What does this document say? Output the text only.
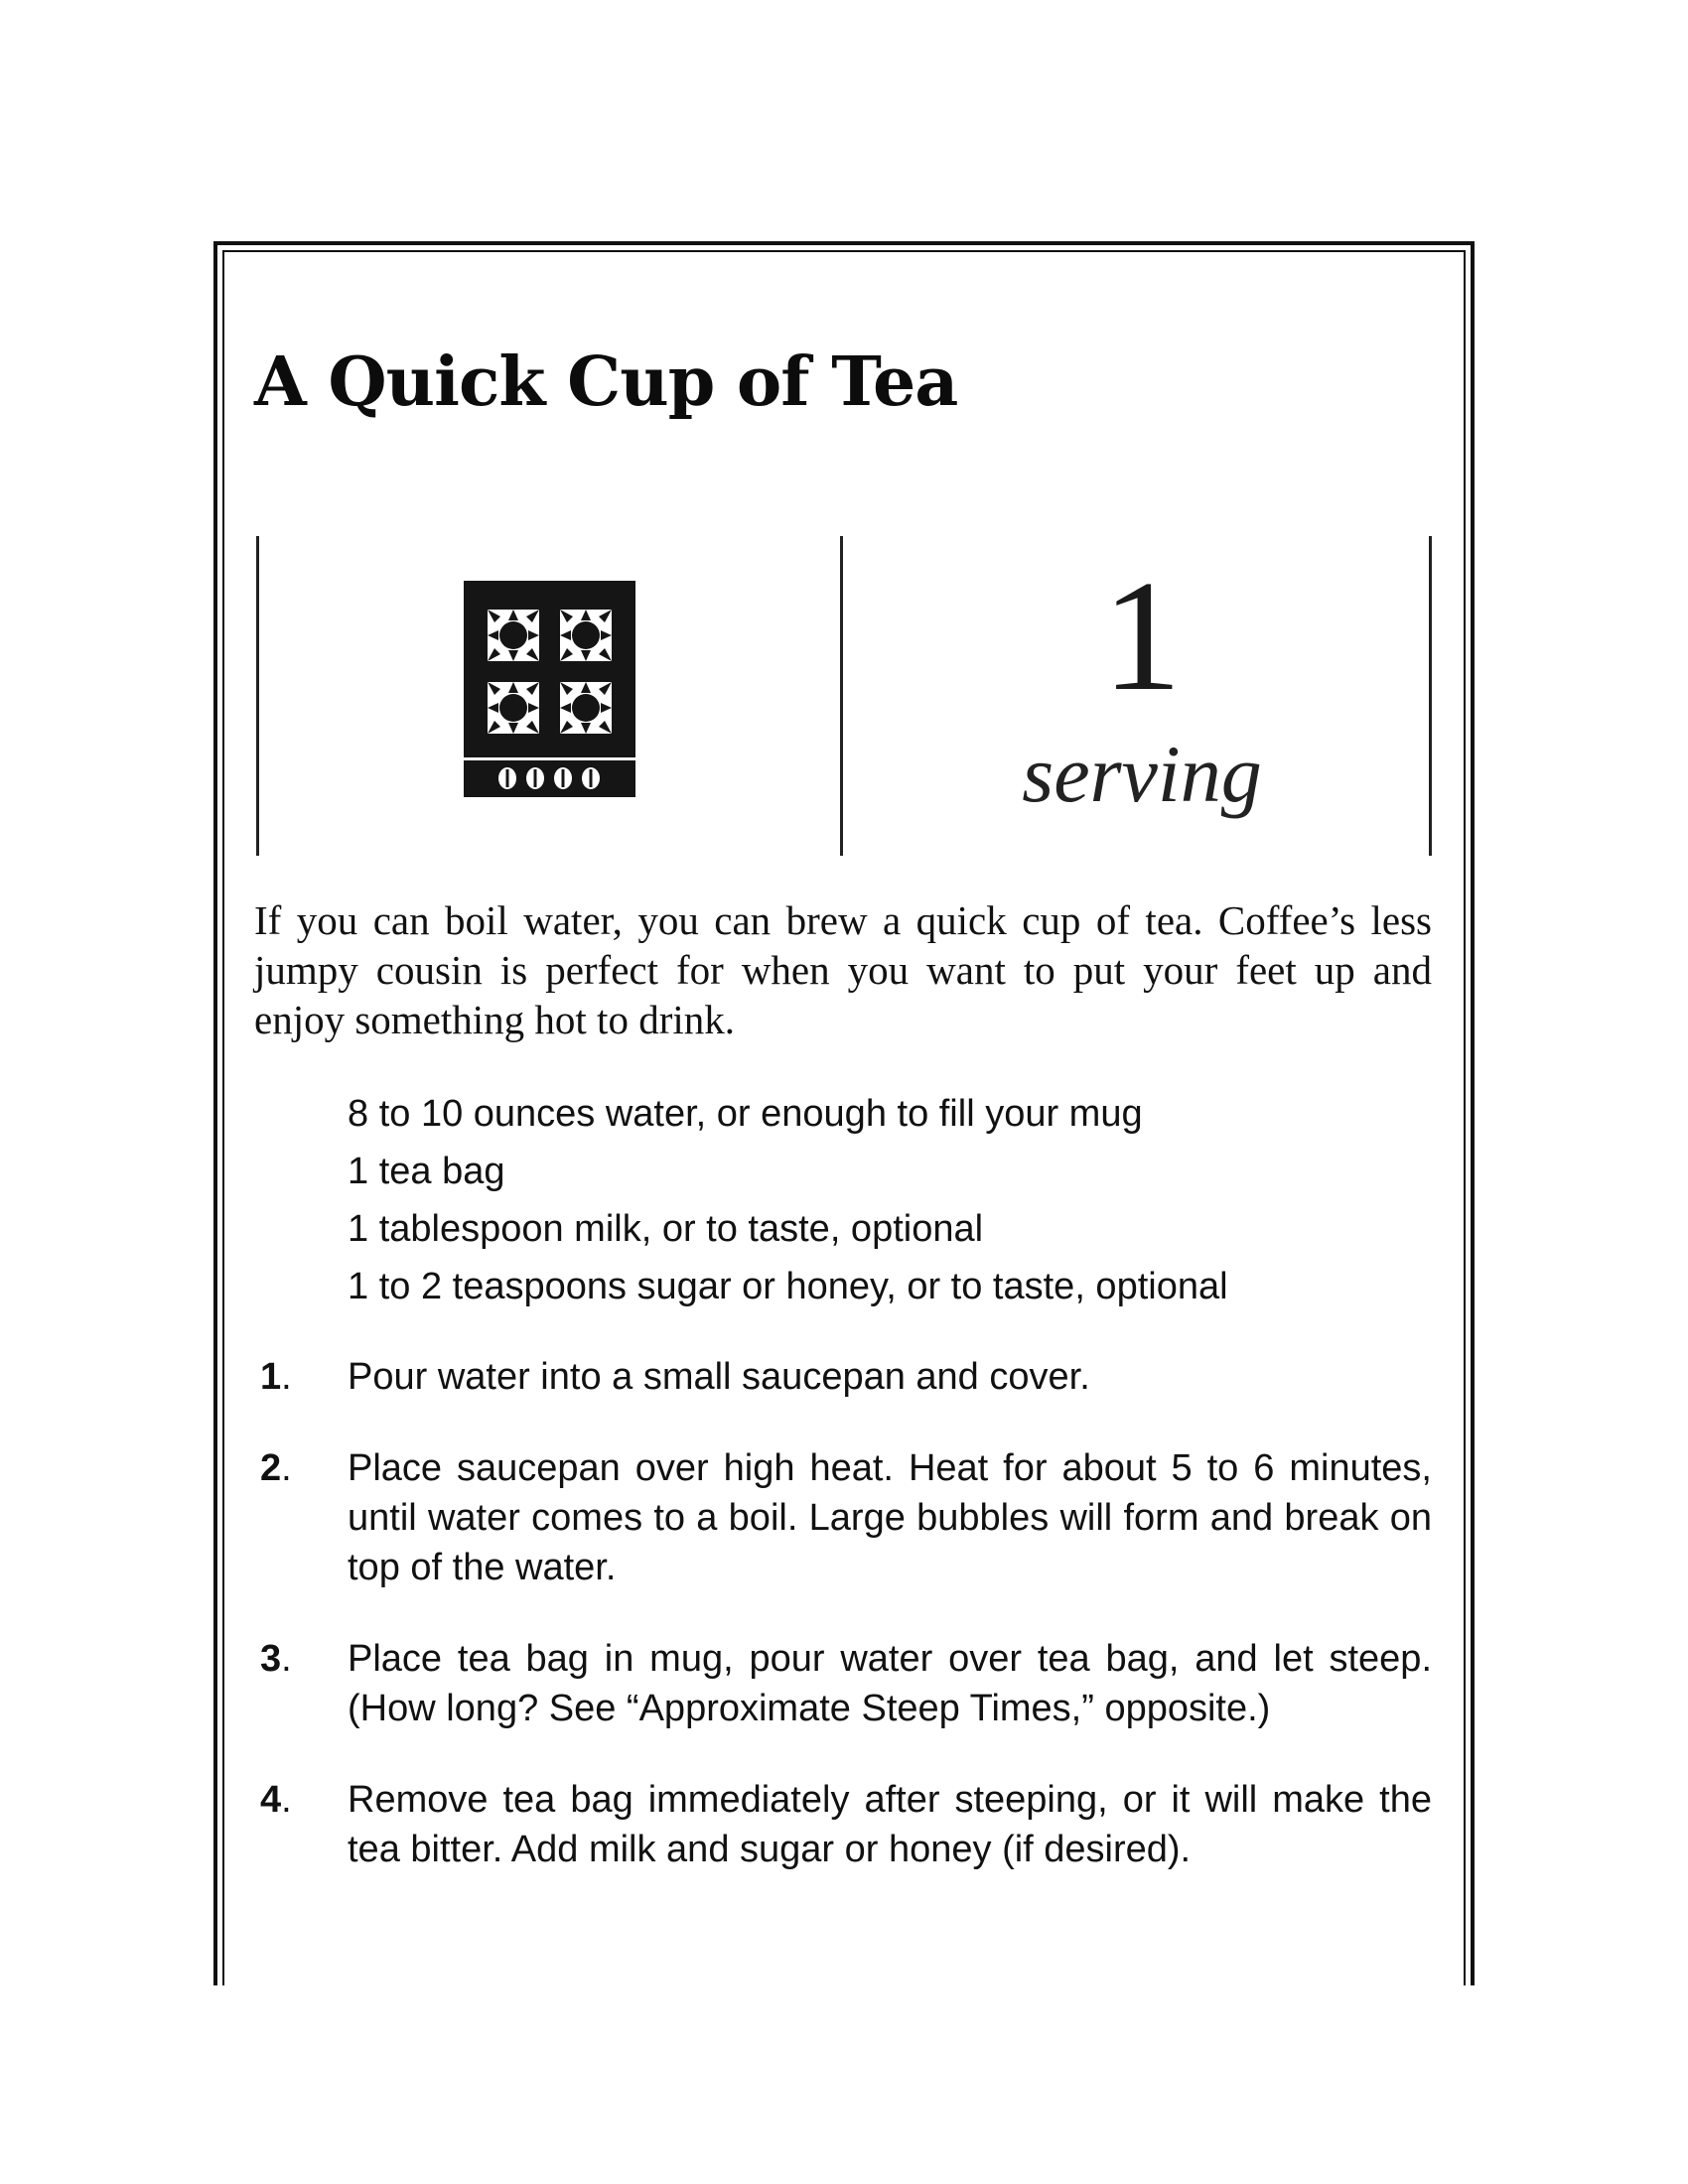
A Quick Cup of Tea
1
serving

If you can boil water, you can brew a quick cup of tea. Coffee’s less jumpy cousin is perfect for when you want to put your feet up and enjoy something hot to drink.

8 to 10 ounces water, or enough to fill your mug
1 tea bag
1 tablespoon milk, or to taste, optional
1 to 2 teaspoons sugar or honey, or to taste, optional
1.	Pour water into a small saucepan and cover.
2.	Place saucepan over high heat. Heat for about 5 to 6 minutes, until water comes to a boil. Large bubbles will form and break on top of the water.
3.	Place tea bag in mug, pour water over tea bag, and let steep. (How long? See “Approximate Steep Times,” opposite.)
4.	Remove tea bag immediately after steeping, or it will make the tea bitter. Add milk and sugar or honey (if desired).
